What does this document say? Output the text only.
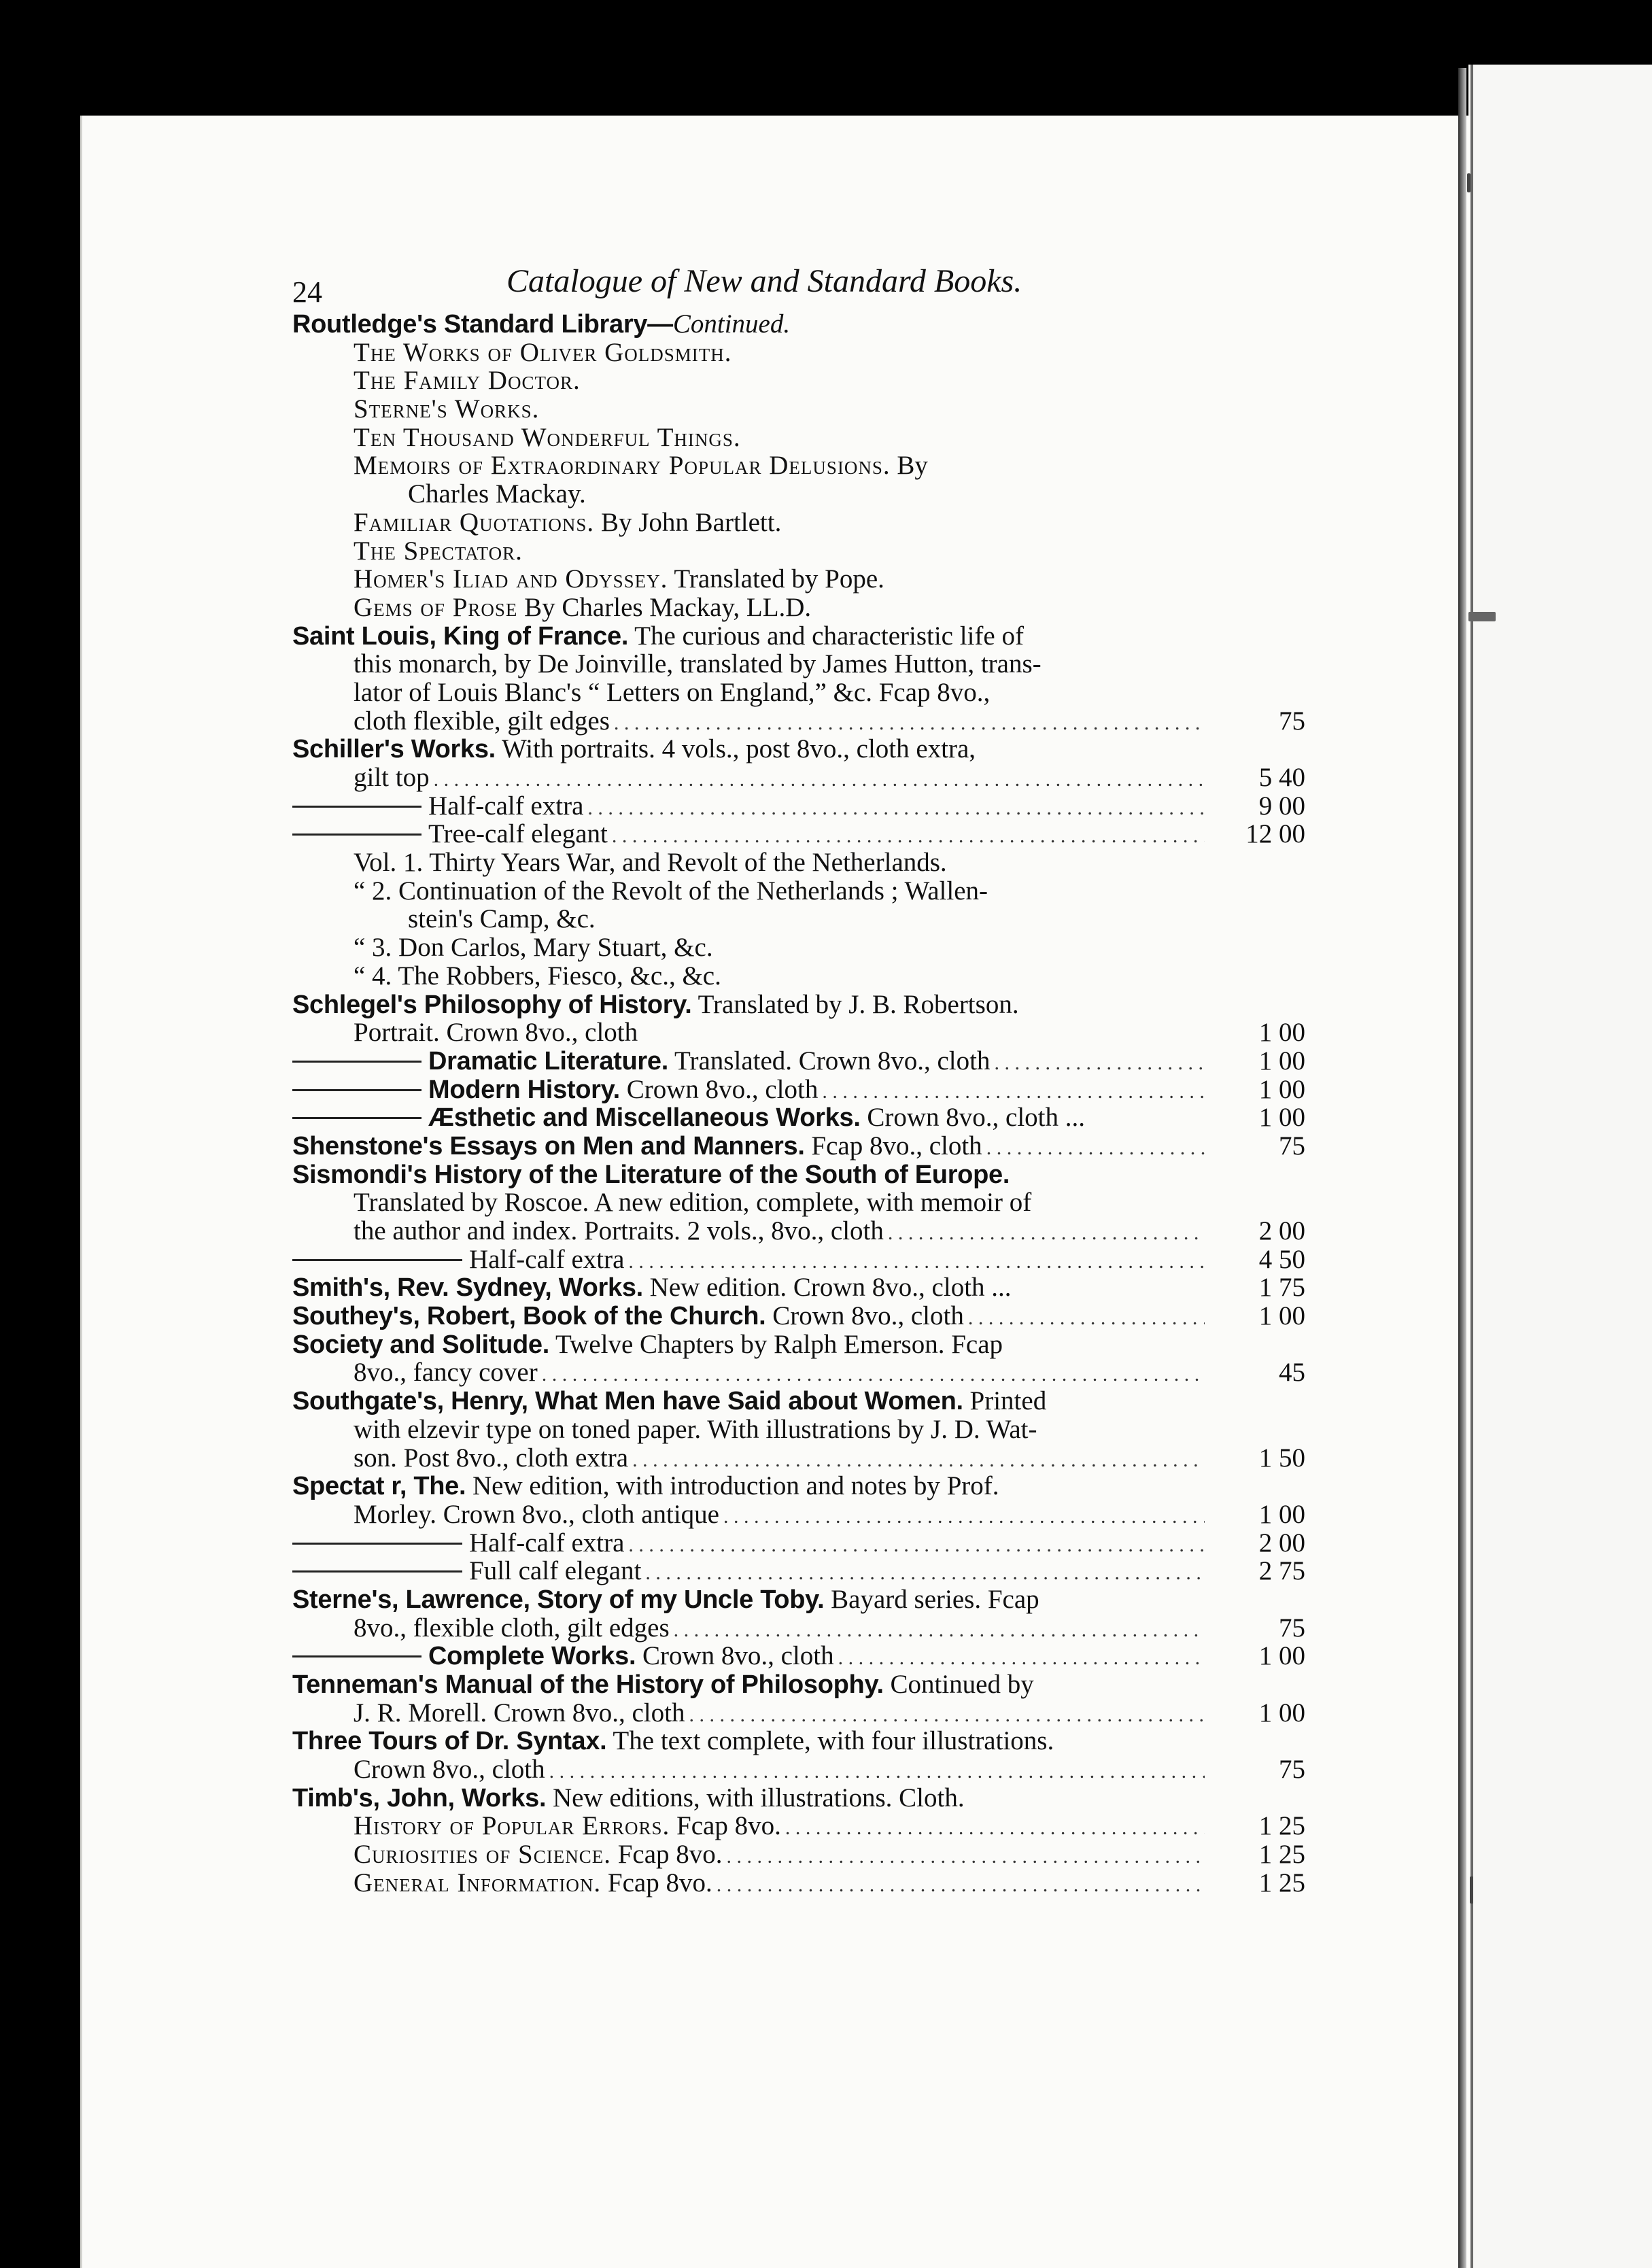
24	Catalogue of New and Standard Books.
Routledge's Standard Library—Continued.
The Works of Oliver Goldsmith.
The Family Doctor.
Sterne's Works.
Ten Thousand Wonderful Things.
Memoirs of Extraordinary Popular Delusions. By
Charles Mackay.
Familiar Quotations. By John Bartlett.
The Spectator.
Homer's Iliad and Odyssey. Translated by Pope.
Gems of Prose By Charles Mackay, LL.D.
Saint Louis, King of France. The curious and characteristic life of
this monarch, by De Joinville, translated by James Hutton, trans-
lator of Louis Blanc's “ Letters on England,” &c. Fcap 8vo.,
cloth flexible, gilt edges . . .	75
Schiller's Works. With portraits. 4 vols., post 8vo., cloth extra,
gilt top . . .	5 40
Half-calf extra . . .	9 00
Tree-calf elegant . . .	12 00
Vol. 1. Thirty Years War, and Revolt of the Netherlands.
“ 2. Continuation of the Revolt of the Netherlands ; Wallen-
stein's Camp, &c.
“ 3. Don Carlos, Mary Stuart, &c.
“ 4. The Robbers, Fiesco, &c., &c.
Schlegel's Philosophy of History. Translated by J. B. Robertson.
Portrait. Crown 8vo., cloth	1 00
Dramatic Literature. Translated. Crown 8vo., cloth . . .	1 00
Modern History. Crown 8vo., cloth . . .	1 00
Æsthetic and Miscellaneous Works. Crown 8vo., cloth ...	1 00
Shenstone's Essays on Men and Manners. Fcap 8vo., cloth . . .	75
Sismondi's History of the Literature of the South of Europe.
Translated by Roscoe. A new edition, complete, with memoir of
the author and index. Portraits. 2 vols., 8vo., cloth . . .	2 00
Half-calf extra . . .	4 50
Smith's, Rev. Sydney, Works. New edition. Crown 8vo., cloth ...	1 75
Southey's, Robert, Book of the Church. Crown 8vo., cloth . . .	1 00
Society and Solitude. Twelve Chapters by Ralph Emerson. Fcap
8vo., fancy cover . . .	45
Southgate's, Henry, What Men have Said about Women. Printed
with elzevir type on toned paper. With illustrations by J. D. Wat-
son. Post 8vo., cloth extra . . .	1 50
Spectat r, The. New edition, with introduction and notes by Prof.
Morley. Crown 8vo., cloth antique . . .	1 00
Half-calf extra . . .	2 00
Full calf elegant . . .	2 75
Sterne's, Lawrence, Story of my Uncle Toby. Bayard series. Fcap
8vo., flexible cloth, gilt edges . . .	75
Complete Works. Crown 8vo., cloth . . .	1 00
Tenneman's Manual of the History of Philosophy. Continued by
J. R. Morell. Crown 8vo., cloth . . .	1 00
Three Tours of Dr. Syntax. The text complete, with four illustrations.
Crown 8vo., cloth . . .	75
Timb's, John, Works. New editions, with illustrations. Cloth.
History of Popular Errors. Fcap 8vo. . . .	1 25
Curiosities of Science. Fcap 8vo. . . .	1 25
General Information. Fcap 8vo. . . .	1 25
